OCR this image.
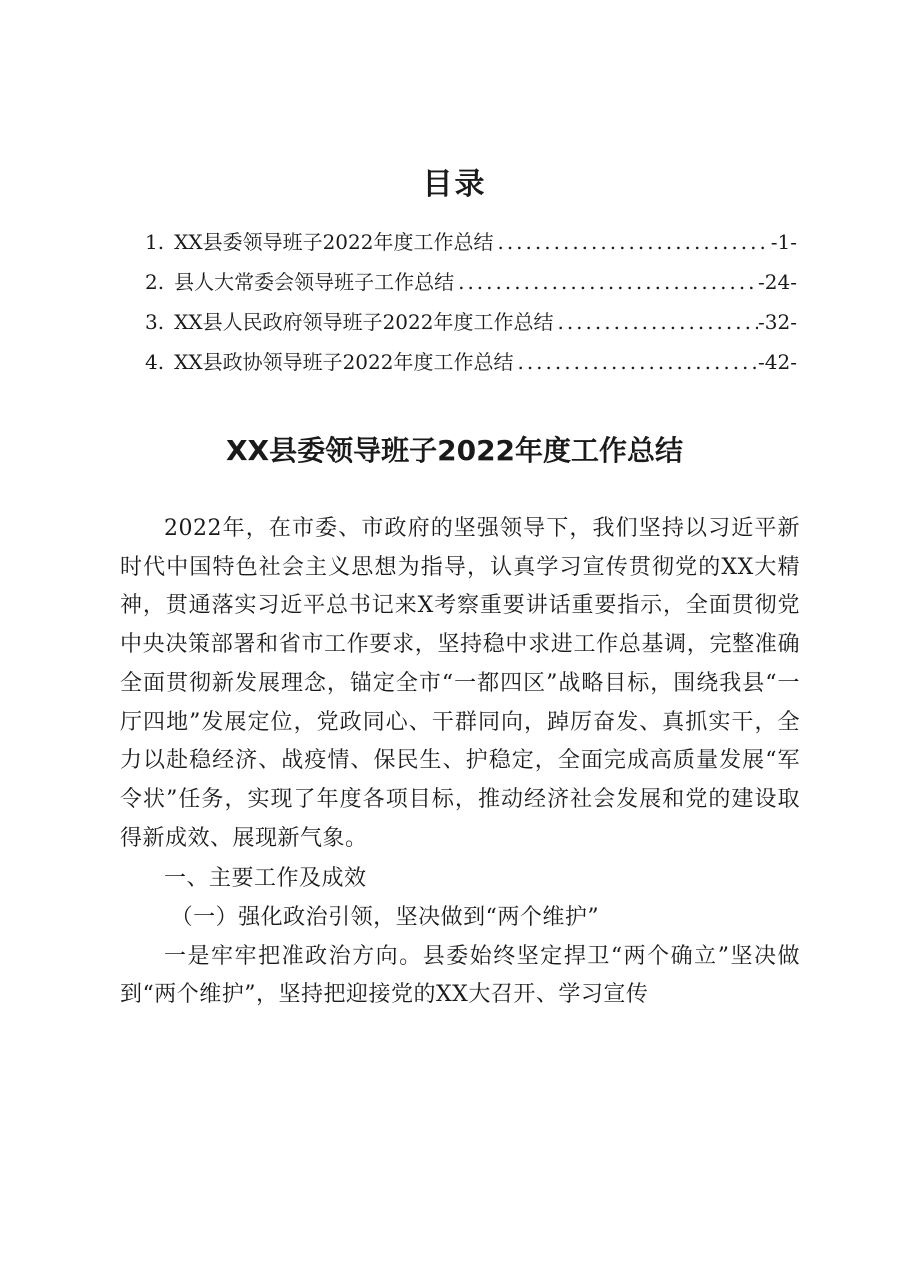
目录
1. XX县委领导班子2022年度工作总结 .....	-1-
2. 县人大常委会领导班子工作总结 .....	-24-
3. XX县人民政府领导班子2022年度工作总结 .....	-32-
4. XX县政协领导班子2022年度工作总结 .....	-42-
XX县委领导班子2022年度工作总结

2022年，在市委、市政府的坚强领导下，我们坚持以习近平新时代中国特色社会主义思想为指导，认真学习宣传贯彻党的XX大精神，贯通落实习近平总书记来X考察重要讲话重要指示，全面贯彻党中央决策部署和省市工作要求，坚持稳中求进工作总基调，完整准确全面贯彻新发展理念，锚定全市“一都四区”战略目标，围绕我县“一厅四地”发展定位，党政同心、干群同向，踔厉奋发、真抓实干，全力以赴稳经济、战疫情、保民生、护稳定，全面完成高质量发展“军令状”任务，实现了年度各项目标，推动经济社会发展和党的建设取得新成效、展现新气象。

一、主要工作及成效

（一）强化政治引领，坚决做到“两个维护”

一是牢牢把准政治方向。县委始终坚定捍卫“两个确立”坚决做到“两个维护”，坚持把迎接党的XX大召开、学习宣传
